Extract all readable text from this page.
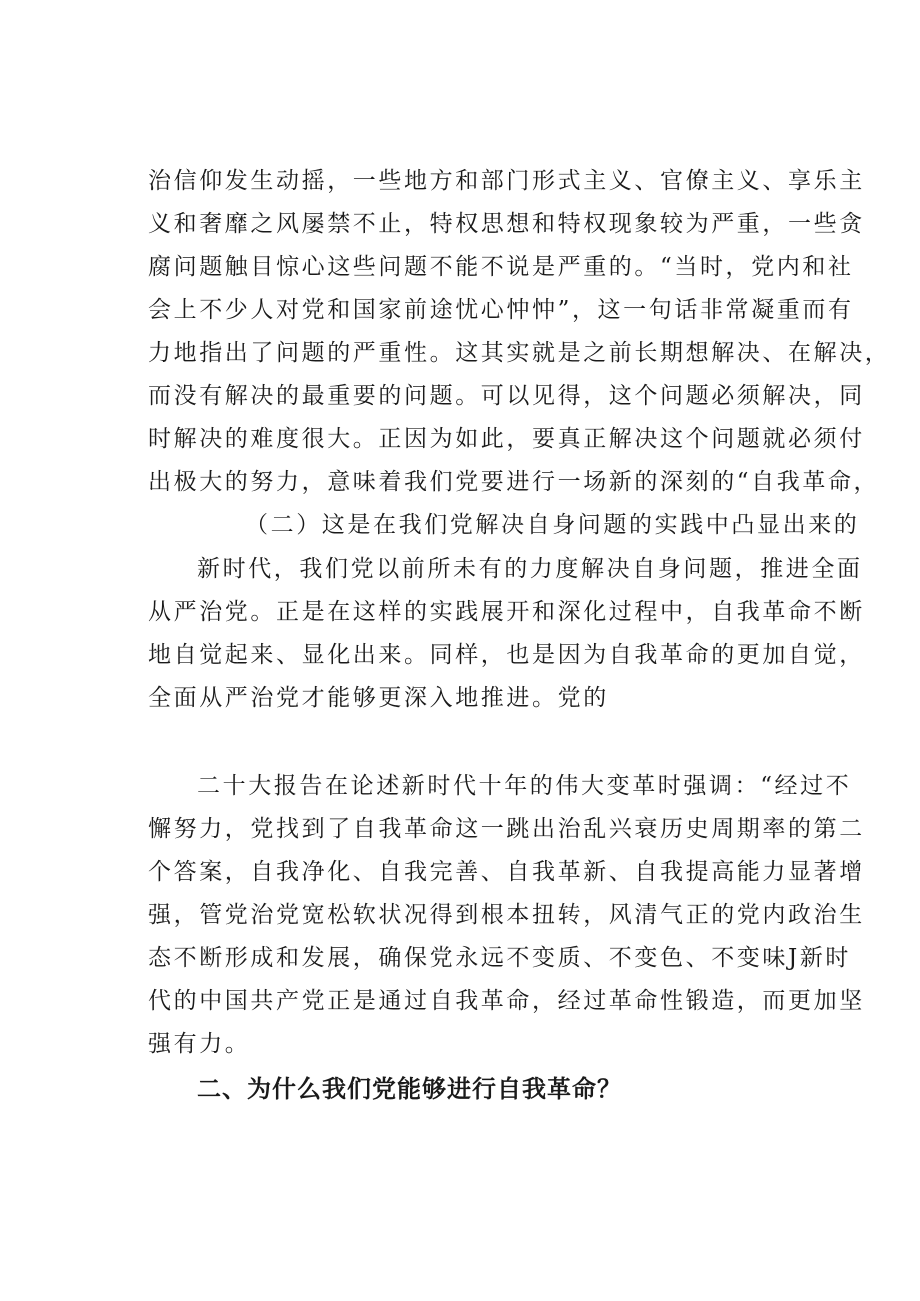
治信仰发生动摇，一些地方和部门形式主义、官僚主义、享乐主
义和奢靡之风屡禁不止，特权思想和特权现象较为严重，一些贪
腐问题触目惊心这些问题不能不说是严重的。“当时，党内和社
会上不少人对党和国家前途忧心忡忡”，这一句话非常凝重而有
力地指出了问题的严重性。这其实就是之前长期想解决、在解决，
而没有解决的最重要的问题。可以见得，这个问题必须解决，同
时解决的难度很大。正因为如此，要真正解决这个问题就必须付
出极大的努力，意味着我们党要进行一场新的深刻的“自我革命，
（二）这是在我们党解决自身问题的实践中凸显出来的
新时代，我们党以前所未有的力度解决自身问题，推进全面
从严治党。正是在这样的实践展开和深化过程中，自我革命不断
地自觉起来、显化出来。同样，也是因为自我革命的更加自觉，
全面从严治党才能够更深入地推进。党的
二十大报告在论述新时代十年的伟大变革时强调：“经过不
懈努力，党找到了自我革命这一跳出治乱兴衰历史周期率的第二
个答案，自我净化、自我完善、自我革新、自我提高能力显著增
强，管党治党宽松软状况得到根本扭转，风清气正的党内政治生
态不断形成和发展，确保党永远不变质、不变色、不变味J新时
代的中国共产党正是通过自我革命，经过革命性锻造，而更加坚
强有力。
二、为什么我们党能够进行自我革命？
